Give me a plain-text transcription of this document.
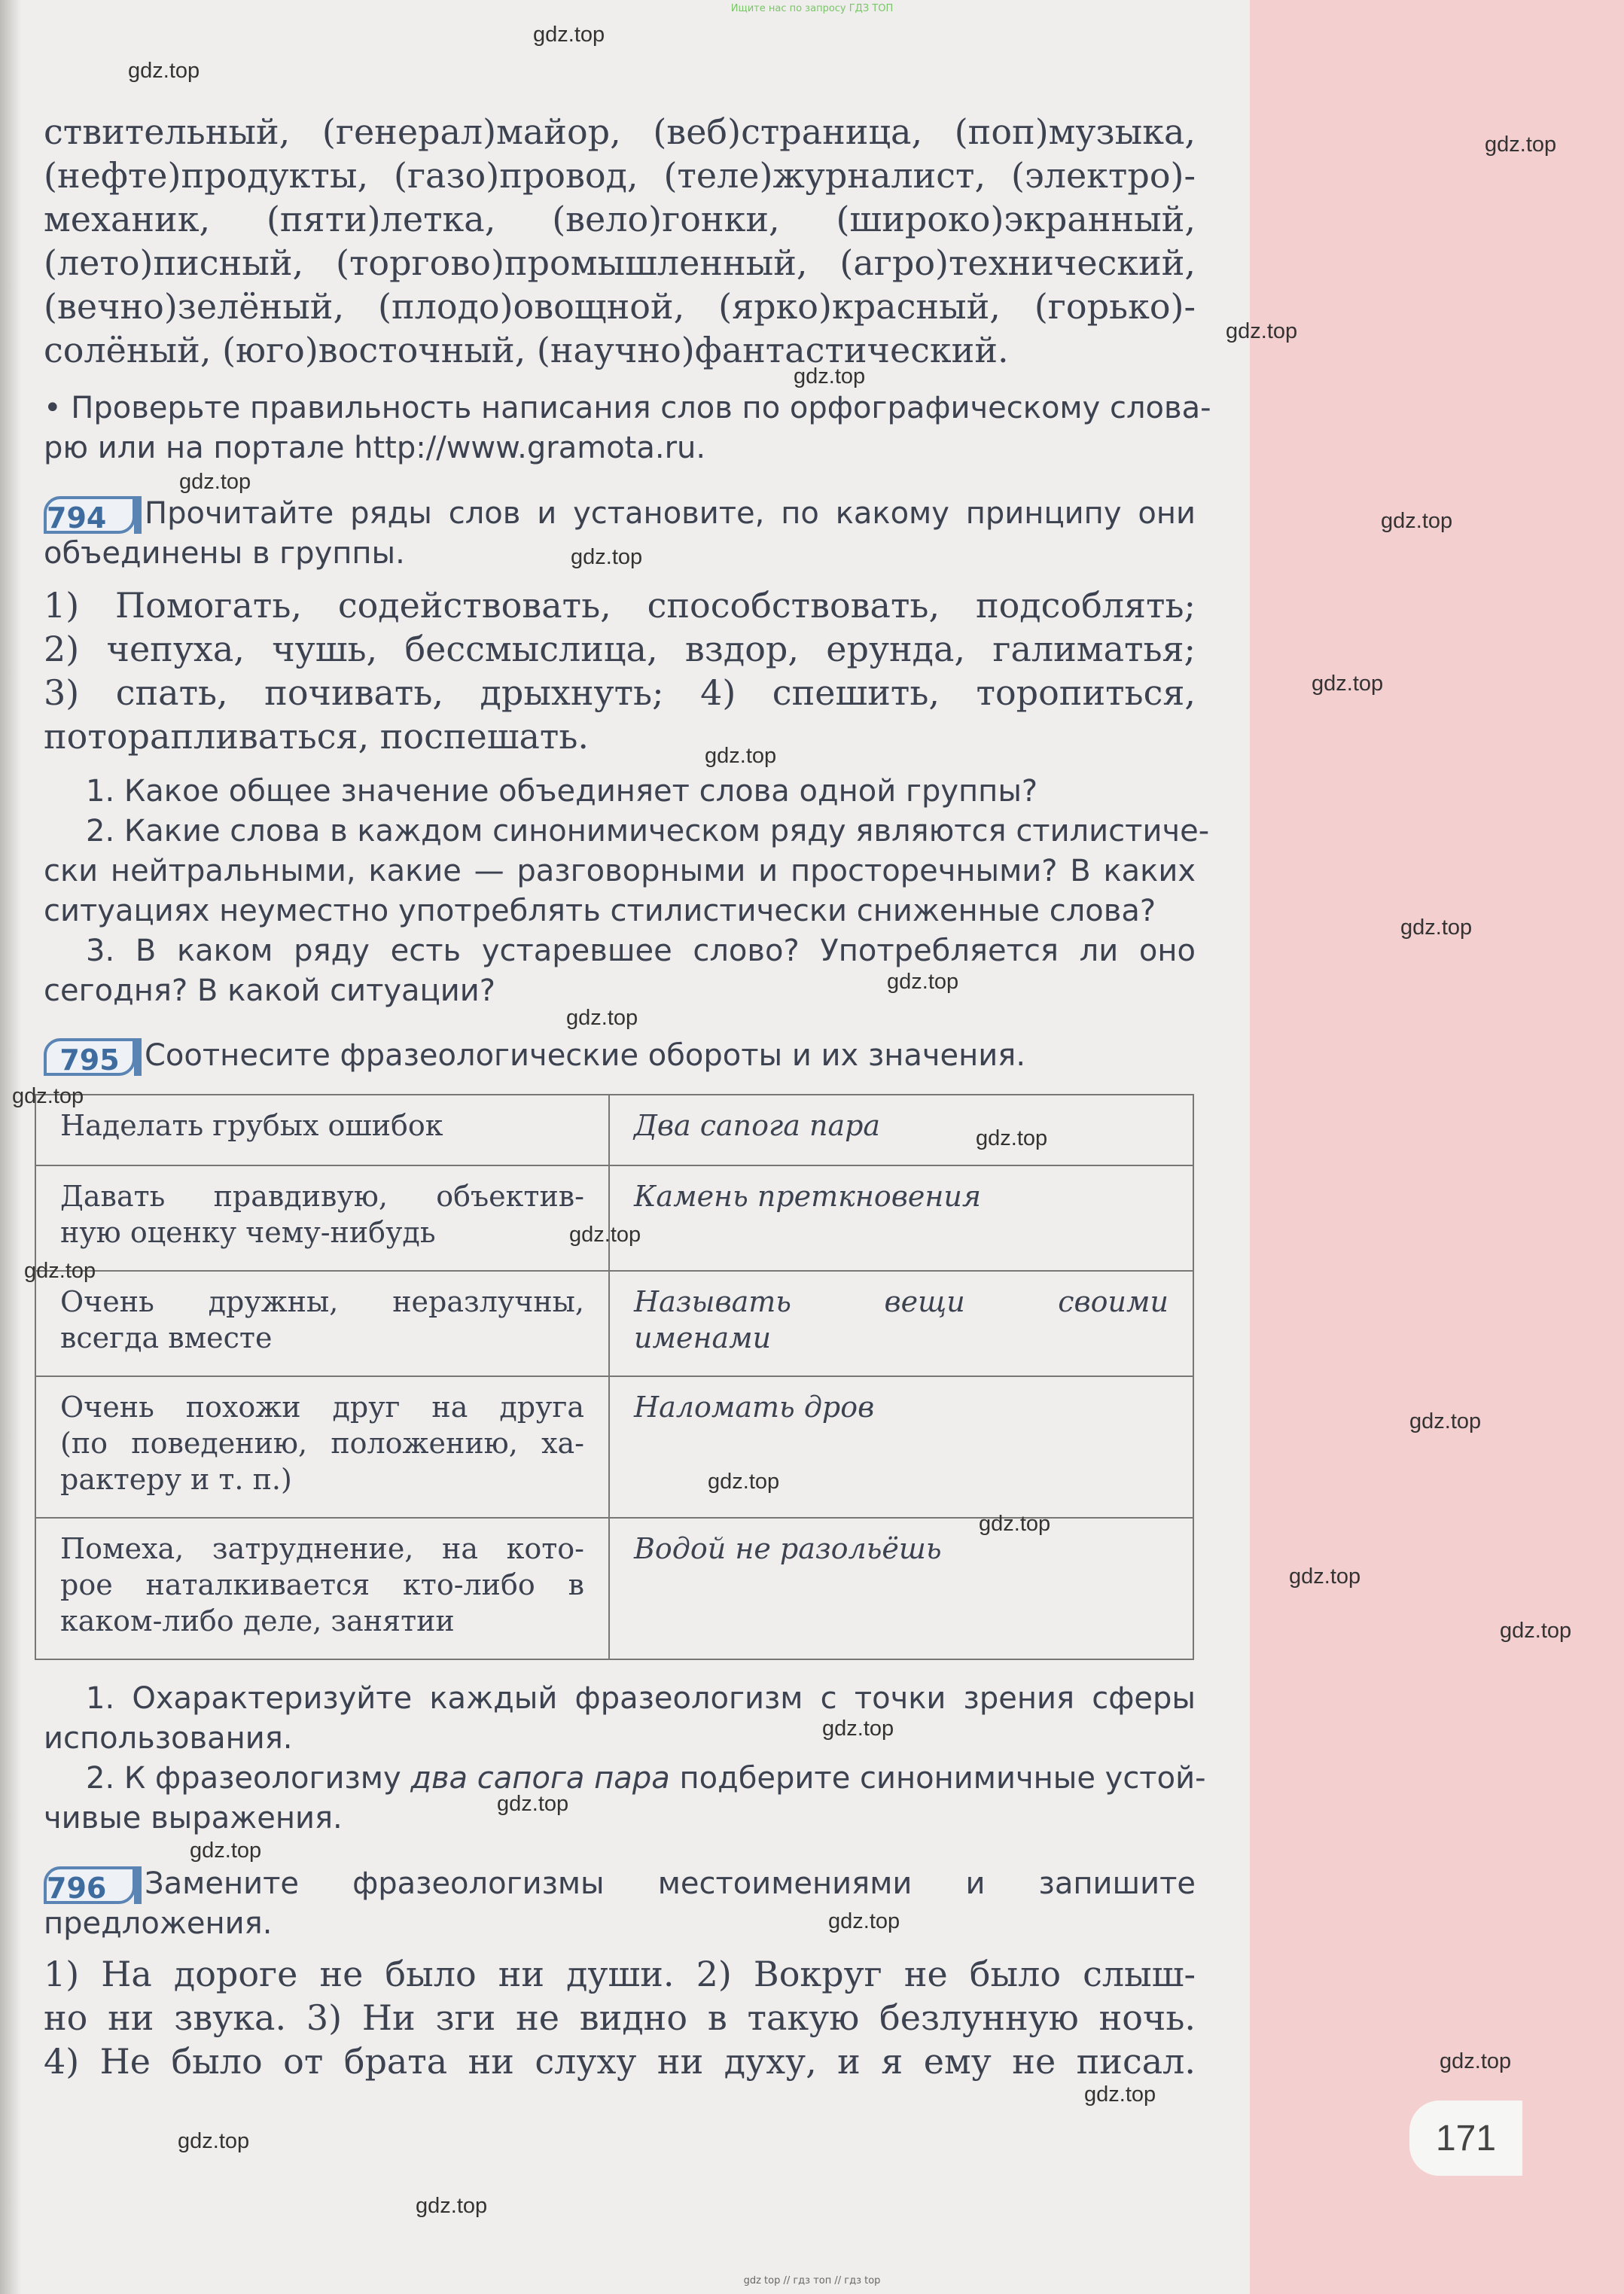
Ищите нас по запросу ГДЗ ТОП
ствительный, (генерал)майор, (веб)страница, (поп)музыка,
(нефте)продукты, (газо)провод, (теле)журналист, (электро)-
механик, (пяти)летка, (вело)гонки, (широко)экранный,
(лето)писный, (торгово)промышленный, (агро)технический,
(вечно)зелёный, (плодо)овощной, (ярко)красный, (горько)-
солёный, (юго)восточный, (научно)фантастический.
• Проверьте правильность написания слов по орфографическому слова-
рю или на портале http://www.gramota.ru.
794 Прочитайте ряды слов и установите, по какому принципу они
объединены в группы.
1) Помогать, содействовать, способствовать, подсоблять;
2) чепуха, чушь, бессмыслица, вздор, ерунда, галиматья;
3) спать, почивать, дрыхнуть; 4) спешить, торопиться,
поторапливаться, поспешать.
1. Какое общее значение объединяет слова одной группы?
2. Какие слова в каждом синонимическом ряду являются стилистиче-
ски нейтральными, какие — разговорными и просторечными? В каких
ситуациях неуместно употреблять стилистически сниженные слова?
3. В каком ряду есть устаревшее слово? Употребляется ли оно
сегодня? В какой ситуации?
795 Соотнесите фразеологические обороты и их значения.
Наделать грубых ошибок	Два сапога пара

Давать правдивую, объектив-
ную оценку чему-нибудь	Камень преткновения

Очень дружны, неразлучны,
всегда вместе	Называть вещи своими
именами

Очень похожи друг на друга
(по поведению, положению, ха-
рактеру и т. п.)	Наломать дров

Помеха, затруднение, на кото-
рое наталкивается кто-либо в
каком-либо деле, занятии	Водой не разольёшь
1. Охарактеризуйте каждый фразеологизм с точки зрения сферы
использования.
2. К фразеологизму два сапога пара подберите синонимичные устой-
чивые выражения.
796 Замените фразеологизмы местоимениями и запишите
предложения.
1) На дороге не было ни души. 2) Вокруг не было слыш-
но ни звука. 3) Ни зги не видно в такую безлунную ночь.
4) Не было от брата ни слуху ни духу, и я ему не писал.
171
gdz.top
gdz.top
gdz.top
gdz.top
gdz.top
gdz.top
gdz.top
gdz.top
gdz.top
gdz.top
gdz.top
gdz.top
gdz.top
gdz.top
gdz.top
gdz.top
gdz.top
gdz.top
gdz.top
gdz.top
gdz.top
gdz.top
gdz.top
gdz.top
gdz.top
gdz.top
gdz.top
gdz.top
gdz.top
gdz.top
gdz top // гдз топ // гдз top
